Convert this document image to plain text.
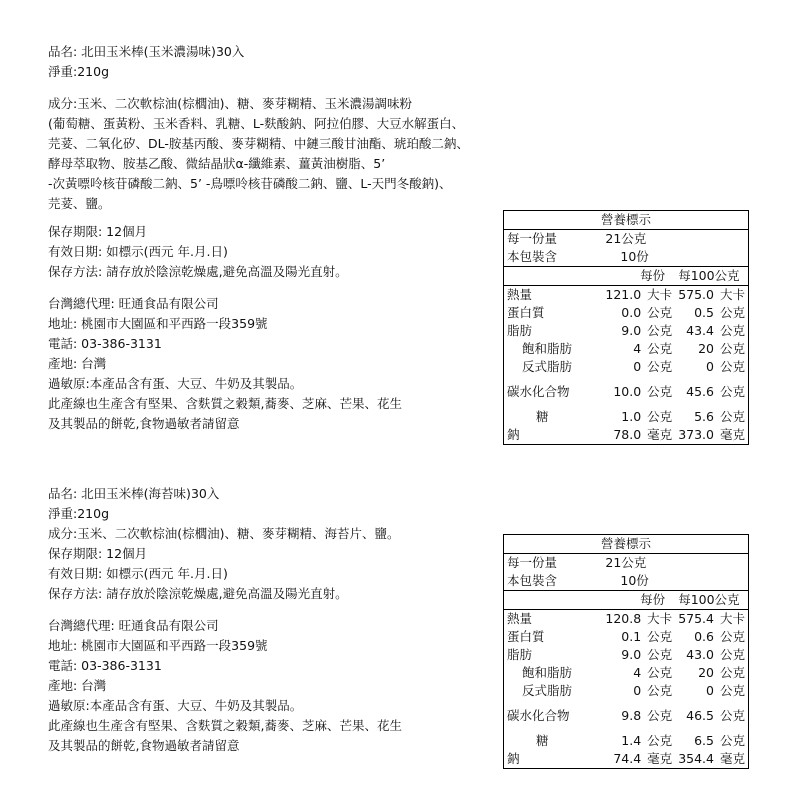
品名: 北田玉米棒(玉米濃湯味)30入
淨重:210g
成分:玉米、二次軟棕油(棕櫚油)、糖、麥芽糊精、玉米濃湯調味粉
(葡萄糖、蛋黃粉、玉米香料、乳糖、L-麩酸鈉、阿拉伯膠、大豆水解蛋白、
芫荽、二氧化矽、DL-胺基丙酸、麥芽糊精、中鏈三酸甘油酯、琥珀酸二鈉、
酵母萃取物、胺基乙酸、微結晶狀α-纖維素、薑黃油樹脂、5’
-次黃嘌呤核苷磷酸二鈉、5’ -鳥嘌呤核苷磷酸二鈉、鹽、L-天門冬酸鈉)、
芫荽、鹽。
保存期限: 12個月
有效日期: 如標示(西元 年.月.日)
保存方法: 請存放於陰涼乾燥處,避免高溫及陽光直射。
台灣總代理: 旺通食品有限公司
地址: 桃園市大園區和平西路一段359號
電話: 03-386-3131
產地: 台灣
過敏原:本產品含有蛋、大豆、牛奶及其製品。
此產線也生產含有堅果、含麩質之穀類,蕎麥、芝麻、芒果、花生
及其製品的餅乾,食物過敏者請留意
營養標示				
每一份量	21公克			
本包裝含	10份			
	每份		每100公克	
熱量	121.0	大卡	575.0	大卡
蛋白質	0.0	公克	0.5	公克
脂肪	9.0	公克	43.4	公克
飽和脂肪	4	公克	20	公克
反式脂肪	0	公克	0	公克
碳水化合物	10.0	公克	45.6	公克
糖	1.0	公克	5.6	公克
鈉	78.0	毫克	373.0	毫克
品名: 北田玉米棒(海苔味)30入
淨重:210g
成分:玉米、二次軟棕油(棕櫚油)、糖、麥芽糊精、海苔片、鹽。
保存期限: 12個月
有效日期: 如標示(西元 年.月.日)
保存方法: 請存放於陰涼乾燥處,避免高溫及陽光直射。
台灣總代理: 旺通食品有限公司
地址: 桃園市大園區和平西路一段359號
電話: 03-386-3131
產地: 台灣
過敏原:本產品含有蛋、大豆、牛奶及其製品。
此產線也生產含有堅果、含麩質之穀類,蕎麥、芝麻、芒果、花生
及其製品的餅乾,食物過敏者請留意
營養標示				
每一份量	21公克			
本包裝含	10份			
	每份		每100公克	
熱量	120.8	大卡	575.4	大卡
蛋白質	0.1	公克	0.6	公克
脂肪	9.0	公克	43.0	公克
飽和脂肪	4	公克	20	公克
反式脂肪	0	公克	0	公克
碳水化合物	9.8	公克	46.5	公克
糖	1.4	公克	6.5	公克
鈉	74.4	毫克	354.4	毫克
